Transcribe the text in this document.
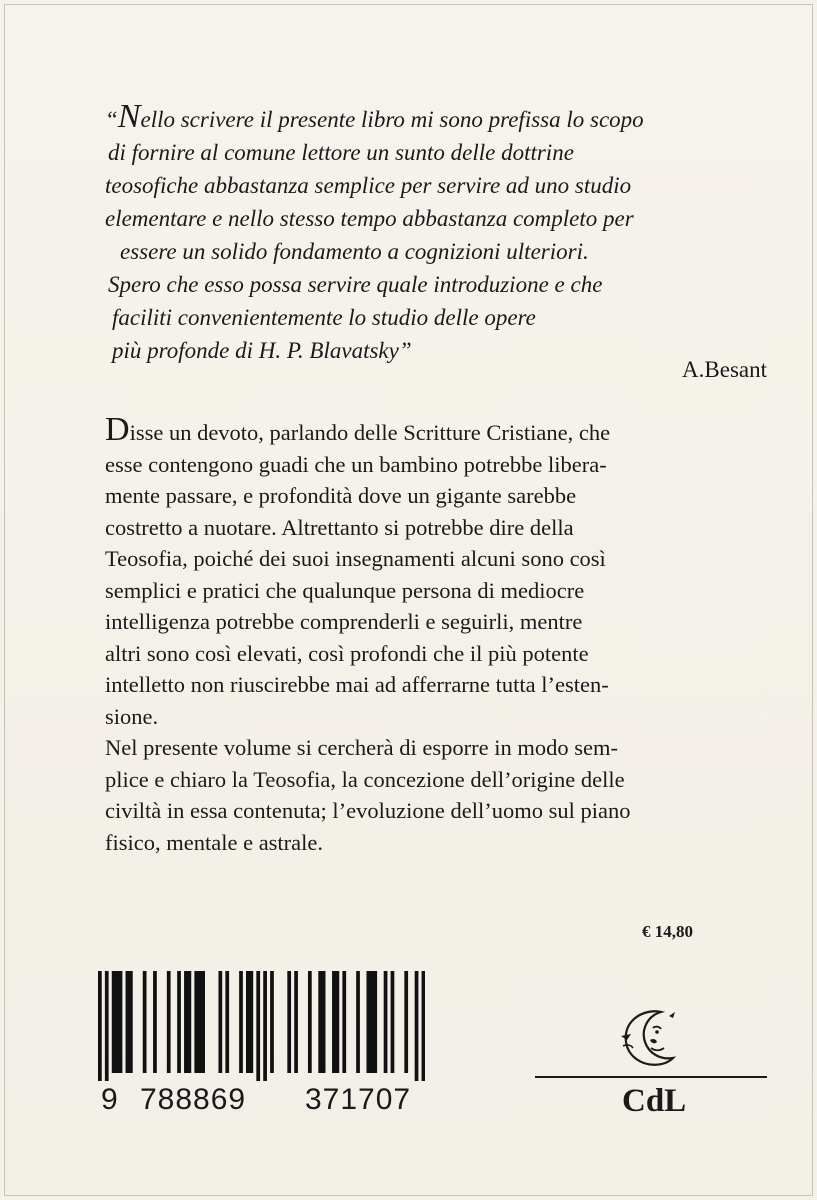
“Nello scrivere il presente libro mi sono prefissa lo scopo
di fornire al comune lettore un sunto delle dottrine
teosofiche abbastanza semplice per servire ad uno studio
elementare e nello stesso tempo abbastanza completo per
essere un solido fondamento a cognizioni ulteriori.
Spero che esso possa servire quale introduzione e che
faciliti convenientemente lo studio delle opere
più profonde di H. P. Blavatsky”
A.Besant
Disse un devoto, parlando delle Scritture Cristiane, che
esse contengono guadi che un bambino potrebbe libera-
mente passare, e profondità dove un gigante sarebbe
costretto a nuotare. Altrettanto si potrebbe dire della
Teosofia, poiché dei suoi insegnamenti alcuni sono così
semplici e pratici che qualunque persona di mediocre
intelligenza potrebbe comprenderli e seguirli, mentre
altri sono così elevati, così profondi che il più potente
intelletto non riuscirebbe mai ad afferrarne tutta l’esten-
sione.
Nel presente volume si cercherà di esporre in modo sem-
plice e chiaro la Teosofia, la concezione dell’origine delle
civiltà in essa contenuta; l’evoluzione dell’uomo sul piano
fisico, mentale e astrale.
€ 14,80
9 788869 371707	CdL
